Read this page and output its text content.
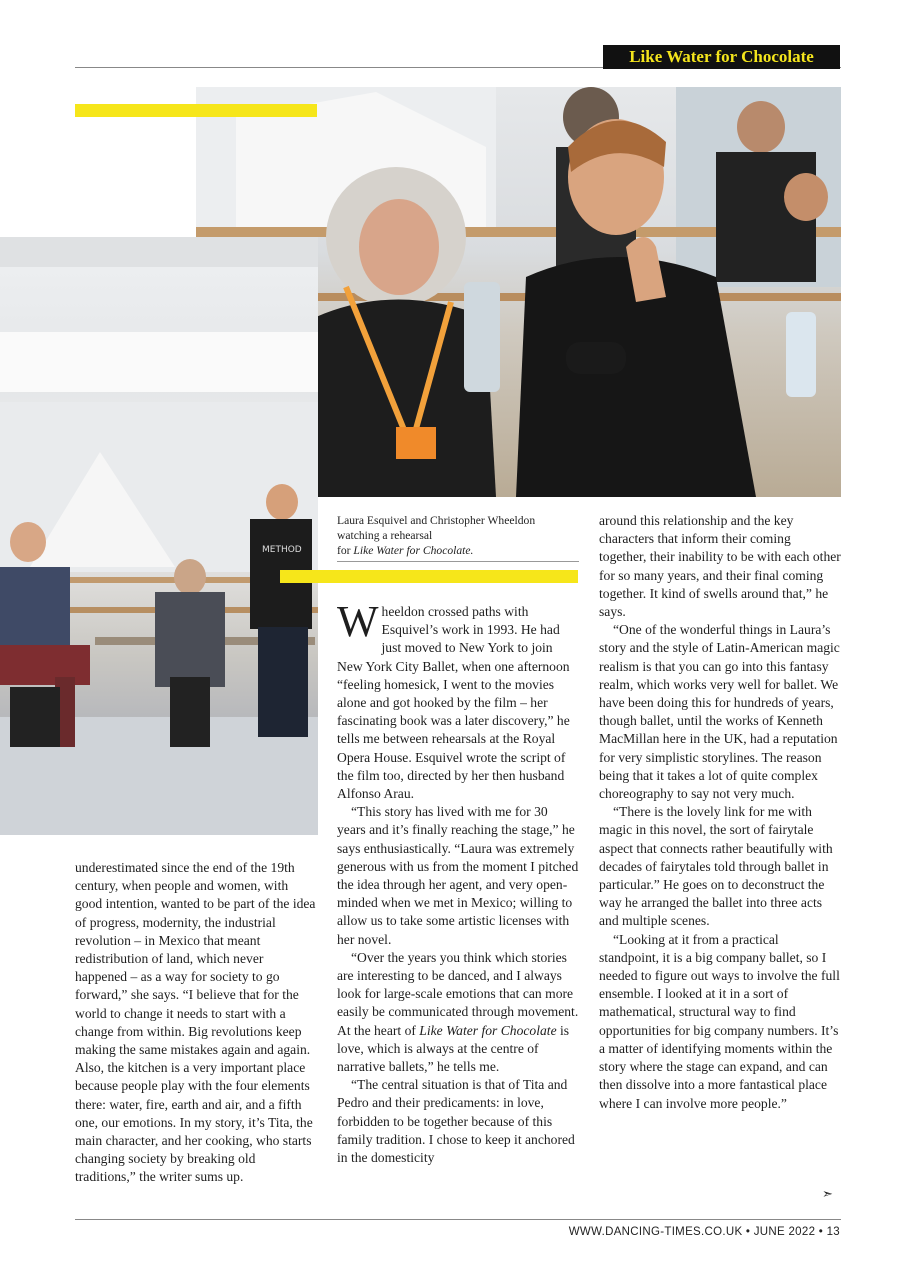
Like Water for Chocolate
METHOD
Laura Esquivel and Christopher Wheeldon
watching a rehearsal
for Like Water for Chocolate.

underestimated since the end of the 19th century, when people and women, with good intention, wanted to be part of the idea of progress, modernity, the industrial revolution – in Mexico that meant redistribution of land, which never happened – as a way for society to go forward,” she says. “I believe that for the world to change it needs to start with a change from within. Big revolutions keep making the same mistakes again and again. Also, the kitchen is a very important place because people play with the four elements there: water, fire, earth and air, and a fifth one, our emotions. In my story, it’s Tita, the main character, and her cooking, who starts changing society by breaking old traditions,” the writer sums up.

Wheeldon crossed paths with Esquivel’s work in 1993. He had just moved to New York to join New York City Ballet, when one afternoon “feeling homesick, I went to the movies alone and got hooked by the film – her fascinating book was a later discovery,” he tells me between rehearsals at the Royal Opera House. Esquivel wrote the script of the film too, directed by her then husband Alfonso Arau.

“This story has lived with me for 30 years and it’s finally reaching the stage,” he says enthusiastically. “Laura was extremely generous with us from the moment I pitched the idea through her agent, and very open-minded when we met in Mexico; willing to allow us to take some artistic licenses with her novel.

“Over the years you think which stories are interesting to be danced, and I always look for large-scale emotions that can more easily be communicated through movement. At the heart of Like Water for Chocolate is love, which is always at the centre of narrative ballets,” he tells me.

“The central situation is that of Tita and Pedro and their predicaments: in love, forbidden to be together because of this family tradition. I chose to keep it anchored in the domesticity

around this relationship and the key characters that inform their coming together, their inability to be with each other for so many years, and their final coming together. It kind of swells around that,” he says.

“One of the wonderful things in Laura’s story and the style of Latin-American magic realism is that you can go into this fantasy realm, which works very well for ballet. We have been doing this for hundreds of years, though ballet, until the works of Kenneth MacMillan here in the UK, had a reputation for very simplistic storylines. The reason being that it takes a lot of quite complex choreography to say not very much.

“There is the lovely link for me with magic in this novel, the sort of fairytale aspect that connects rather beautifully with decades of fairytales told through ballet in particular.” He goes on to deconstruct the way he arranged the ballet into three acts and multiple scenes.

“Looking at it from a practical standpoint, it is a big company ballet, so I needed to figure out ways to involve the full ensemble. I looked at it in a sort of mathematical, structural way to find opportunities for big company numbers. It’s a matter of identifying moments within the story where the stage can expand, and can then dissolve into a more fantastical place where I can involve more people.”

➣
WWW.DANCING-TIMES.CO.UK • JUNE 2022 • 13
